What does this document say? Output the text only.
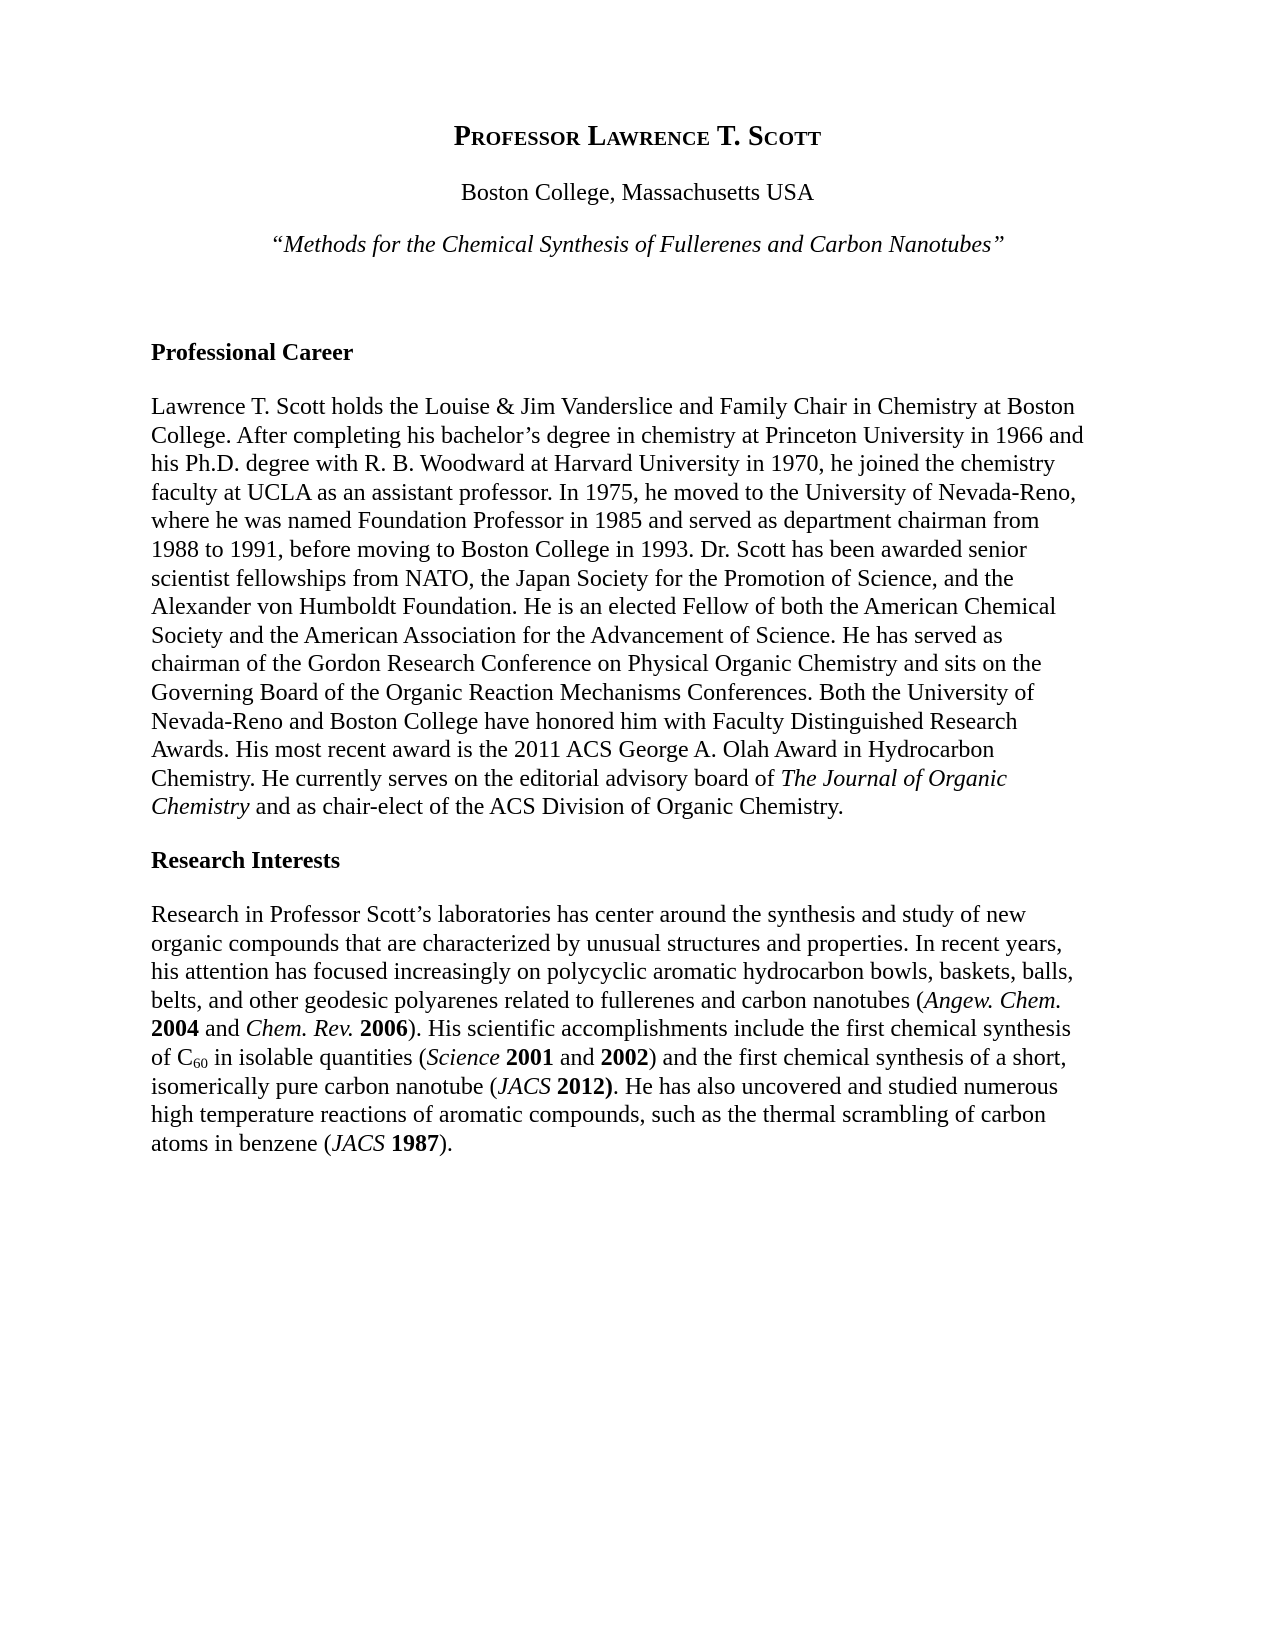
Professor Lawrence T. Scott
Boston College, Massachusetts USA
“Methods for the Chemical Synthesis of Fullerenes and Carbon Nanotubes”
Professional Career
Lawrence T. Scott holds the Louise & Jim Vanderslice and Family Chair in Chemistry at Boston
College. After completing his bachelor’s degree in chemistry at Princeton University in 1966 and
his Ph.D. degree with R. B. Woodward at Harvard University in 1970, he joined the chemistry
faculty at UCLA as an assistant professor. In 1975, he moved to the University of Nevada-Reno,
where he was named Foundation Professor in 1985 and served as department chairman from
1988 to 1991, before moving to Boston College in 1993. Dr. Scott has been awarded senior
scientist fellowships from NATO, the Japan Society for the Promotion of Science, and the
Alexander von Humboldt Foundation. He is an elected Fellow of both the American Chemical
Society and the American Association for the Advancement of Science. He has served as
chairman of the Gordon Research Conference on Physical Organic Chemistry and sits on the
Governing Board of the Organic Reaction Mechanisms Conferences. Both the University of
Nevada-Reno and Boston College have honored him with Faculty Distinguished Research
Awards. His most recent award is the 2011 ACS George A. Olah Award in Hydrocarbon
Chemistry. He currently serves on the editorial advisory board of The Journal of Organic
Chemistry and as chair-elect of the ACS Division of Organic Chemistry.
Research Interests
Research in Professor Scott’s laboratories has center around the synthesis and study of new
organic compounds that are characterized by unusual structures and properties. In recent years,
his attention has focused increasingly on polycyclic aromatic hydrocarbon bowls, baskets, balls,
belts, and other geodesic polyarenes related to fullerenes and carbon nanotubes (Angew. Chem.
2004 and Chem. Rev. 2006). His scientific accomplishments include the first chemical synthesis
of $C_{60}$ in isolable quantities (Science 2001 and 2002) and the first chemical synthesis of a short,
isomerically pure carbon nanotube (JACS 2012). He has also uncovered and studied numerous
high temperature reactions of aromatic compounds, such as the thermal scrambling of carbon
atoms in benzene (JACS 1987).
